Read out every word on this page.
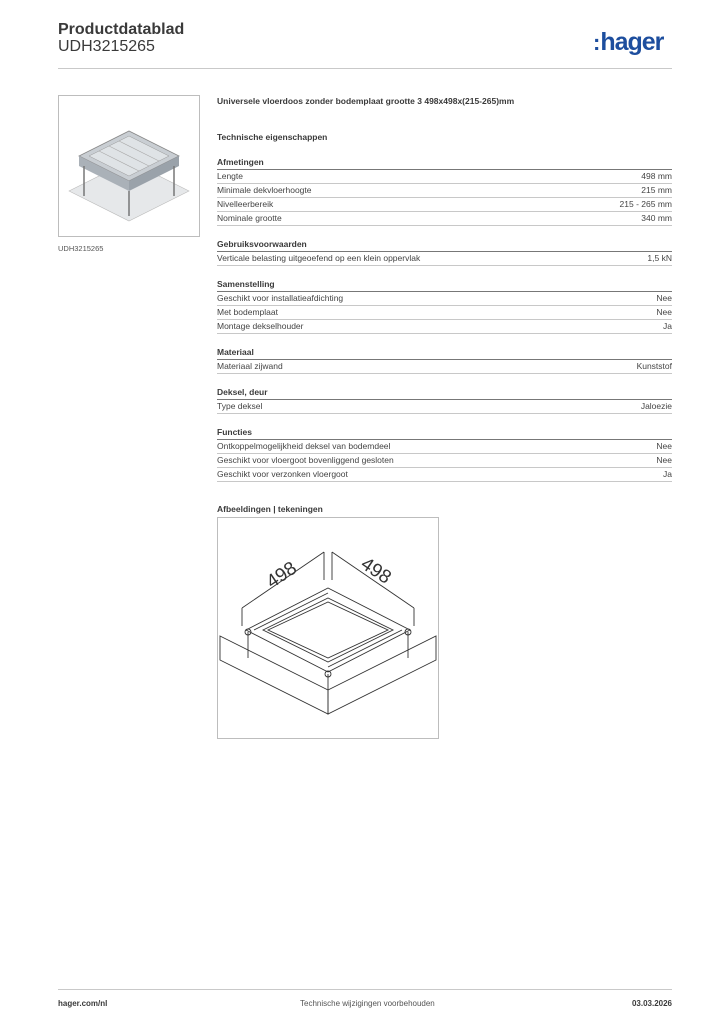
Productdatablad
UDH3215265	:hager
UDH3215265
Universele vloerdoos zonder bodemplaat grootte 3 498x498x(215-265)mm
Technische eigenschappen
Afmetingen
Lengte	498 mm
Minimale dekvloerhoogte	215 mm
Nivelleerbereik	215 - 265 mm
Nominale grootte	340 mm
Gebruiksvoorwaarden
Verticale belasting uitgeoefend op een klein oppervlak	1,5 kN
Samenstelling
Geschikt voor installatieafdichting	Nee
Met bodemplaat	Nee
Montage dekselhouder	Ja
Materiaal
Materiaal zijwand	Kunststof
Deksel, deur
Type deksel	Jaloezie
Functies
Ontkoppelmogelijkheid deksel van bodemdeel	Nee
Geschikt voor vloergoot bovenliggend gesloten	Nee
Geschikt voor verzonken vloergoot	Ja
Afbeeldingen | tekeningen
498	498
hager.com/nl	Technische wijzigingen voorbehouden	03.03.2026
